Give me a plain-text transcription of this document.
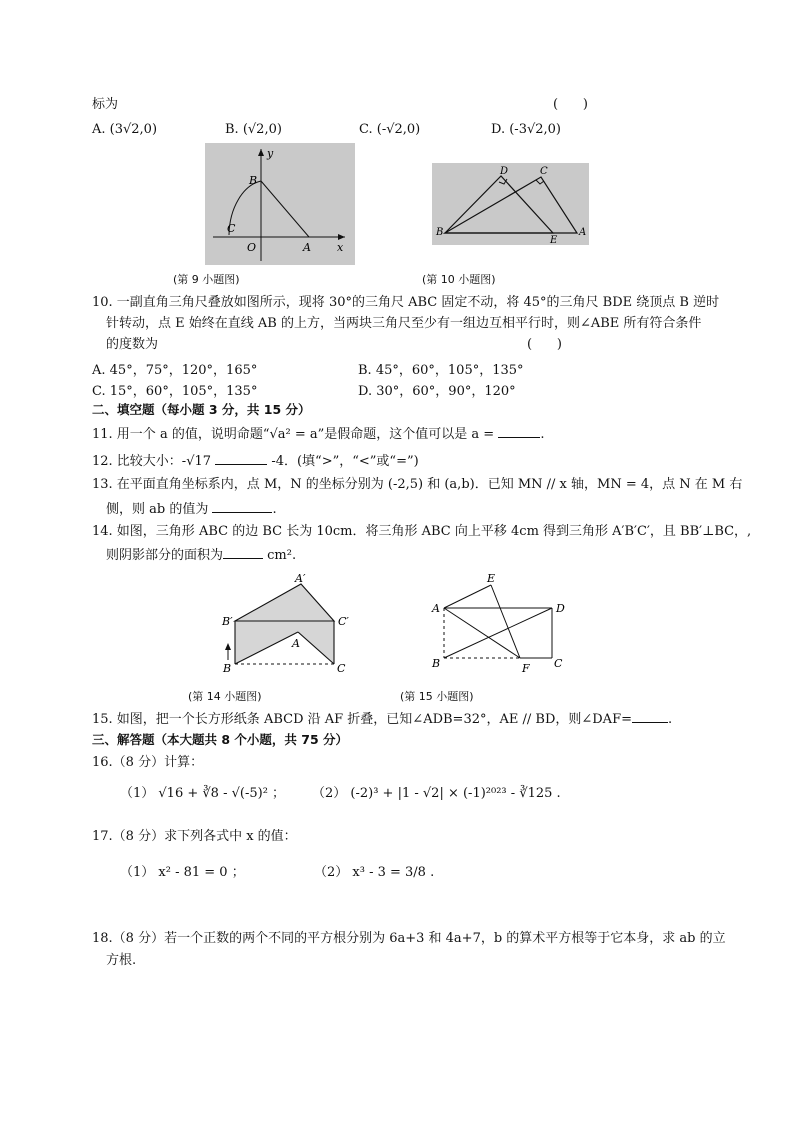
标为	(      )
A. (3√2,0)	B. (√2,0)	C. (-√2,0)	D. (-3√2,0)
y
B
C
O	A x
D	C
B
E
A
(第 9 小题图)	(第 10 小题图)
10. 一副直角三角尺叠放如图所示，现将 30°的三角尺 ABC 固定不动，将 45°的三角尺 BDE 绕顶点 B 逆时
针转动，点 E 始终在直线 AB 的上方，当两块三角尺至少有一组边互相平行时，则∠ABE 所有符合条件
的度数为	(      )
A. 45°，75°，120°，165°	B. 45°，60°，105°，135°
C. 15°，60°，105°，135°	D. 30°，60°，90°，120°
二、填空题（每小题 3 分，共 15 分）
11. 用一个 a 的值，说明命题“√a² = a”是假命题，这个值可以是 a =	.
12. 比较大小：-√17	-4．(填“>”，“<”或“=”)
13. 在平面直角坐标系内，点 M，N 的坐标分别为 (-2,5) 和 (a,b)．已知 MN // x 轴，MN = 4，点 N 在 M 右
侧，则 ab 的值为	.
14. 如图，三角形 ABC 的边 BC 长为 10cm．将三角形 ABC 向上平移 4cm 得到三角形 A′B′C′，且 BB′⊥BC，,
则阴影部分的面积为	cm².
A′
B′	C′
A
B	C
E
A	D
B	F C
(第 14 小题图)	(第 15 小题图)
15. 如图，把一个长方形纸条 ABCD 沿 AF 折叠，已知∠ADB=32°，AE // BD，则∠DAF=	.
三、解答题（本大题共 8 个小题，共 75 分）
16.（8 分）计算：
（1） √16 + ∛8 - √(-5)² ； （2） (-2)³ + |1 - √2| × (-1)²⁰²³ - ∛125 .
17.（8 分）求下列各式中 x 的值：
（1） x² - 81 = 0 ；	（2） x³ - 3 = 3/8 .
18.（8 分）若一个正数的两个不同的平方根分别为 6a+3 和 4a+7，b 的算术平方根等于它本身，求 ab 的立
方根.
